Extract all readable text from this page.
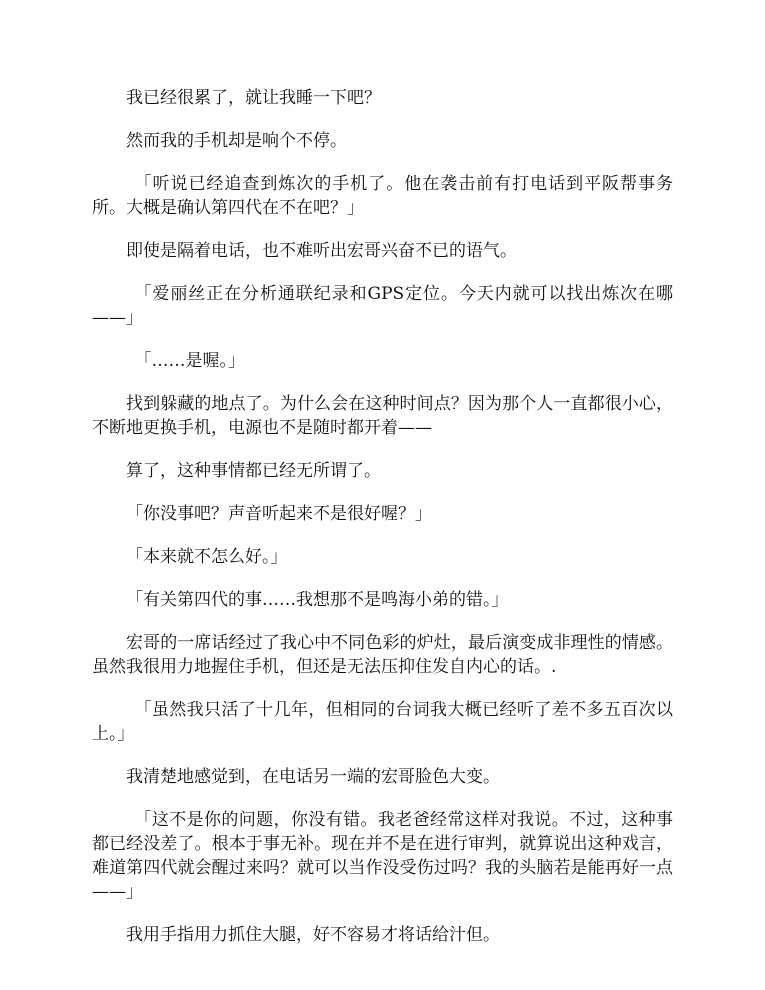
我已经很累了，就让我睡一下吧？

然而我的手机却是响个不停。

「听说已经追查到炼次的手机了。他在袭击前有打电话到平阪帮事务所。大概是确认第四代在不在吧？」

即使是隔着电话，也不难听出宏哥兴奋不已的语气。

「爱丽丝正在分析通联纪录和GPS定位。今天内就可以找出炼次在哪——」

「……是喔。」

找到躲藏的地点了。为什么会在这种时间点？因为那个人一直都很小心，不断地更换手机，电源也不是随时都开着——

算了，这种事情都已经无所谓了。

「你没事吧？声音听起来不是很好喔？」

「本来就不怎么好。」

「有关第四代的事……我想那不是鸣海小弟的错。」

宏哥的一席话经过了我心中不同色彩的炉灶，最后演变成非理性的情感。虽然我很用力地握住手机，但还是无法压抑住发自内心的话。.

「虽然我只活了十几年，但相同的台词我大概已经听了差不多五百次以上。」

我清楚地感觉到，在电话另一端的宏哥脸色大变。

「这不是你的问题，你没有错。我老爸经常这样对我说。不过，这种事都已经没差了。根本于事无补。现在并不是在进行审判，就算说出这种戏言，难道第四代就会醒过来吗？就可以当作没受伤过吗？我的头脑若是能再好一点——」

我用手指用力抓住大腿，好不容易才将话给汁但。
